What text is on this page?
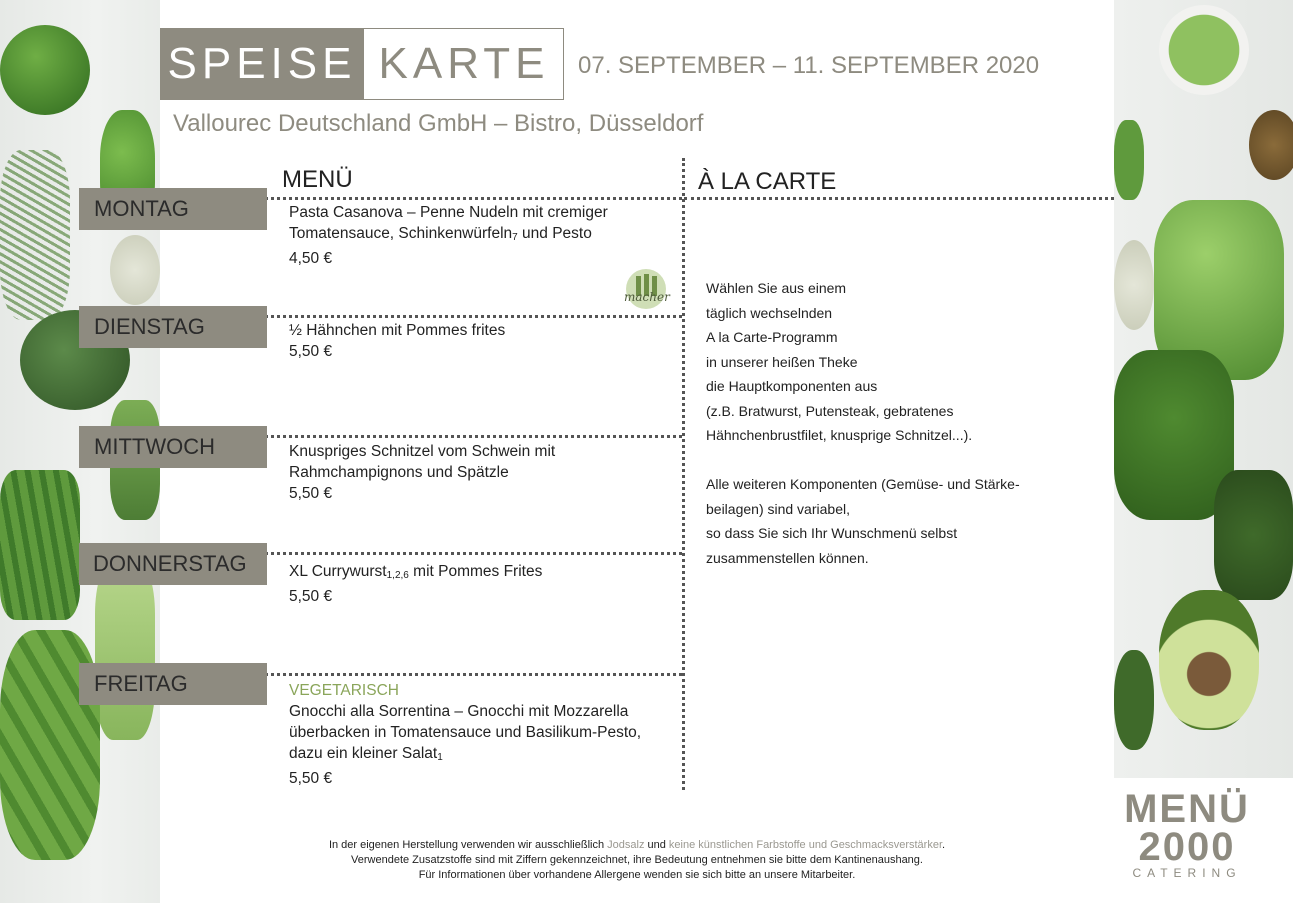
SPEISE KARTE	07. SEPTEMBER – 11. SEPTEMBER 2020
Vallourec Deutschland GmbH – Bistro, Düsseldorf
MENÜ	À LA CARTE
MONTAG
DIENSTAG
MITTWOCH
DONNERSTAG
FREITAG
Pasta Casanova – Penne Nudeln mit cremiger
Tomatensauce, Schinkenwürfeln$_7$ und Pesto
4,50 €
½ Hähnchen mit Pommes frites
5,50 €
Knuspriges Schnitzel vom Schwein mit
Rahmchampignons und Spätzle
5,50 €
XL Currywurst$_{1,2,6}$ mit Pommes Frites
5,50 €
VEGETARISCH
Gnocchi alla Sorrentina – Gnocchi mit Mozzarella
überbacken in Tomatensauce und Basilikum-Pesto,
dazu ein kleiner Salat$_1$
5,50 €
macher
Wählen Sie aus einem
täglich wechselnden
A la Carte-Programm
in unserer heißen Theke
die Hauptkomponenten aus
(z.B. Bratwurst, Putensteak, gebratenes
Hähnchenbrustfilet, knusprige Schnitzel...).
Alle weiteren Komponenten (Gemüse- und Stärke-
beilagen) sind variabel,
so dass Sie sich Ihr Wunschmenü selbst
zusammenstellen können.
In der eigenen Herstellung verwenden wir ausschließlich Jodsalz und keine künstlichen Farbstoffe und Geschmacksverstärker.
Verwendete Zusatzstoffe sind mit Ziffern gekennzeichnet, ihre Bedeutung entnehmen sie bitte dem Kantinenaushang.
Für Informationen über vorhandene Allergene wenden sie sich bitte an unsere Mitarbeiter.
MENÜ
2000
CATERING
